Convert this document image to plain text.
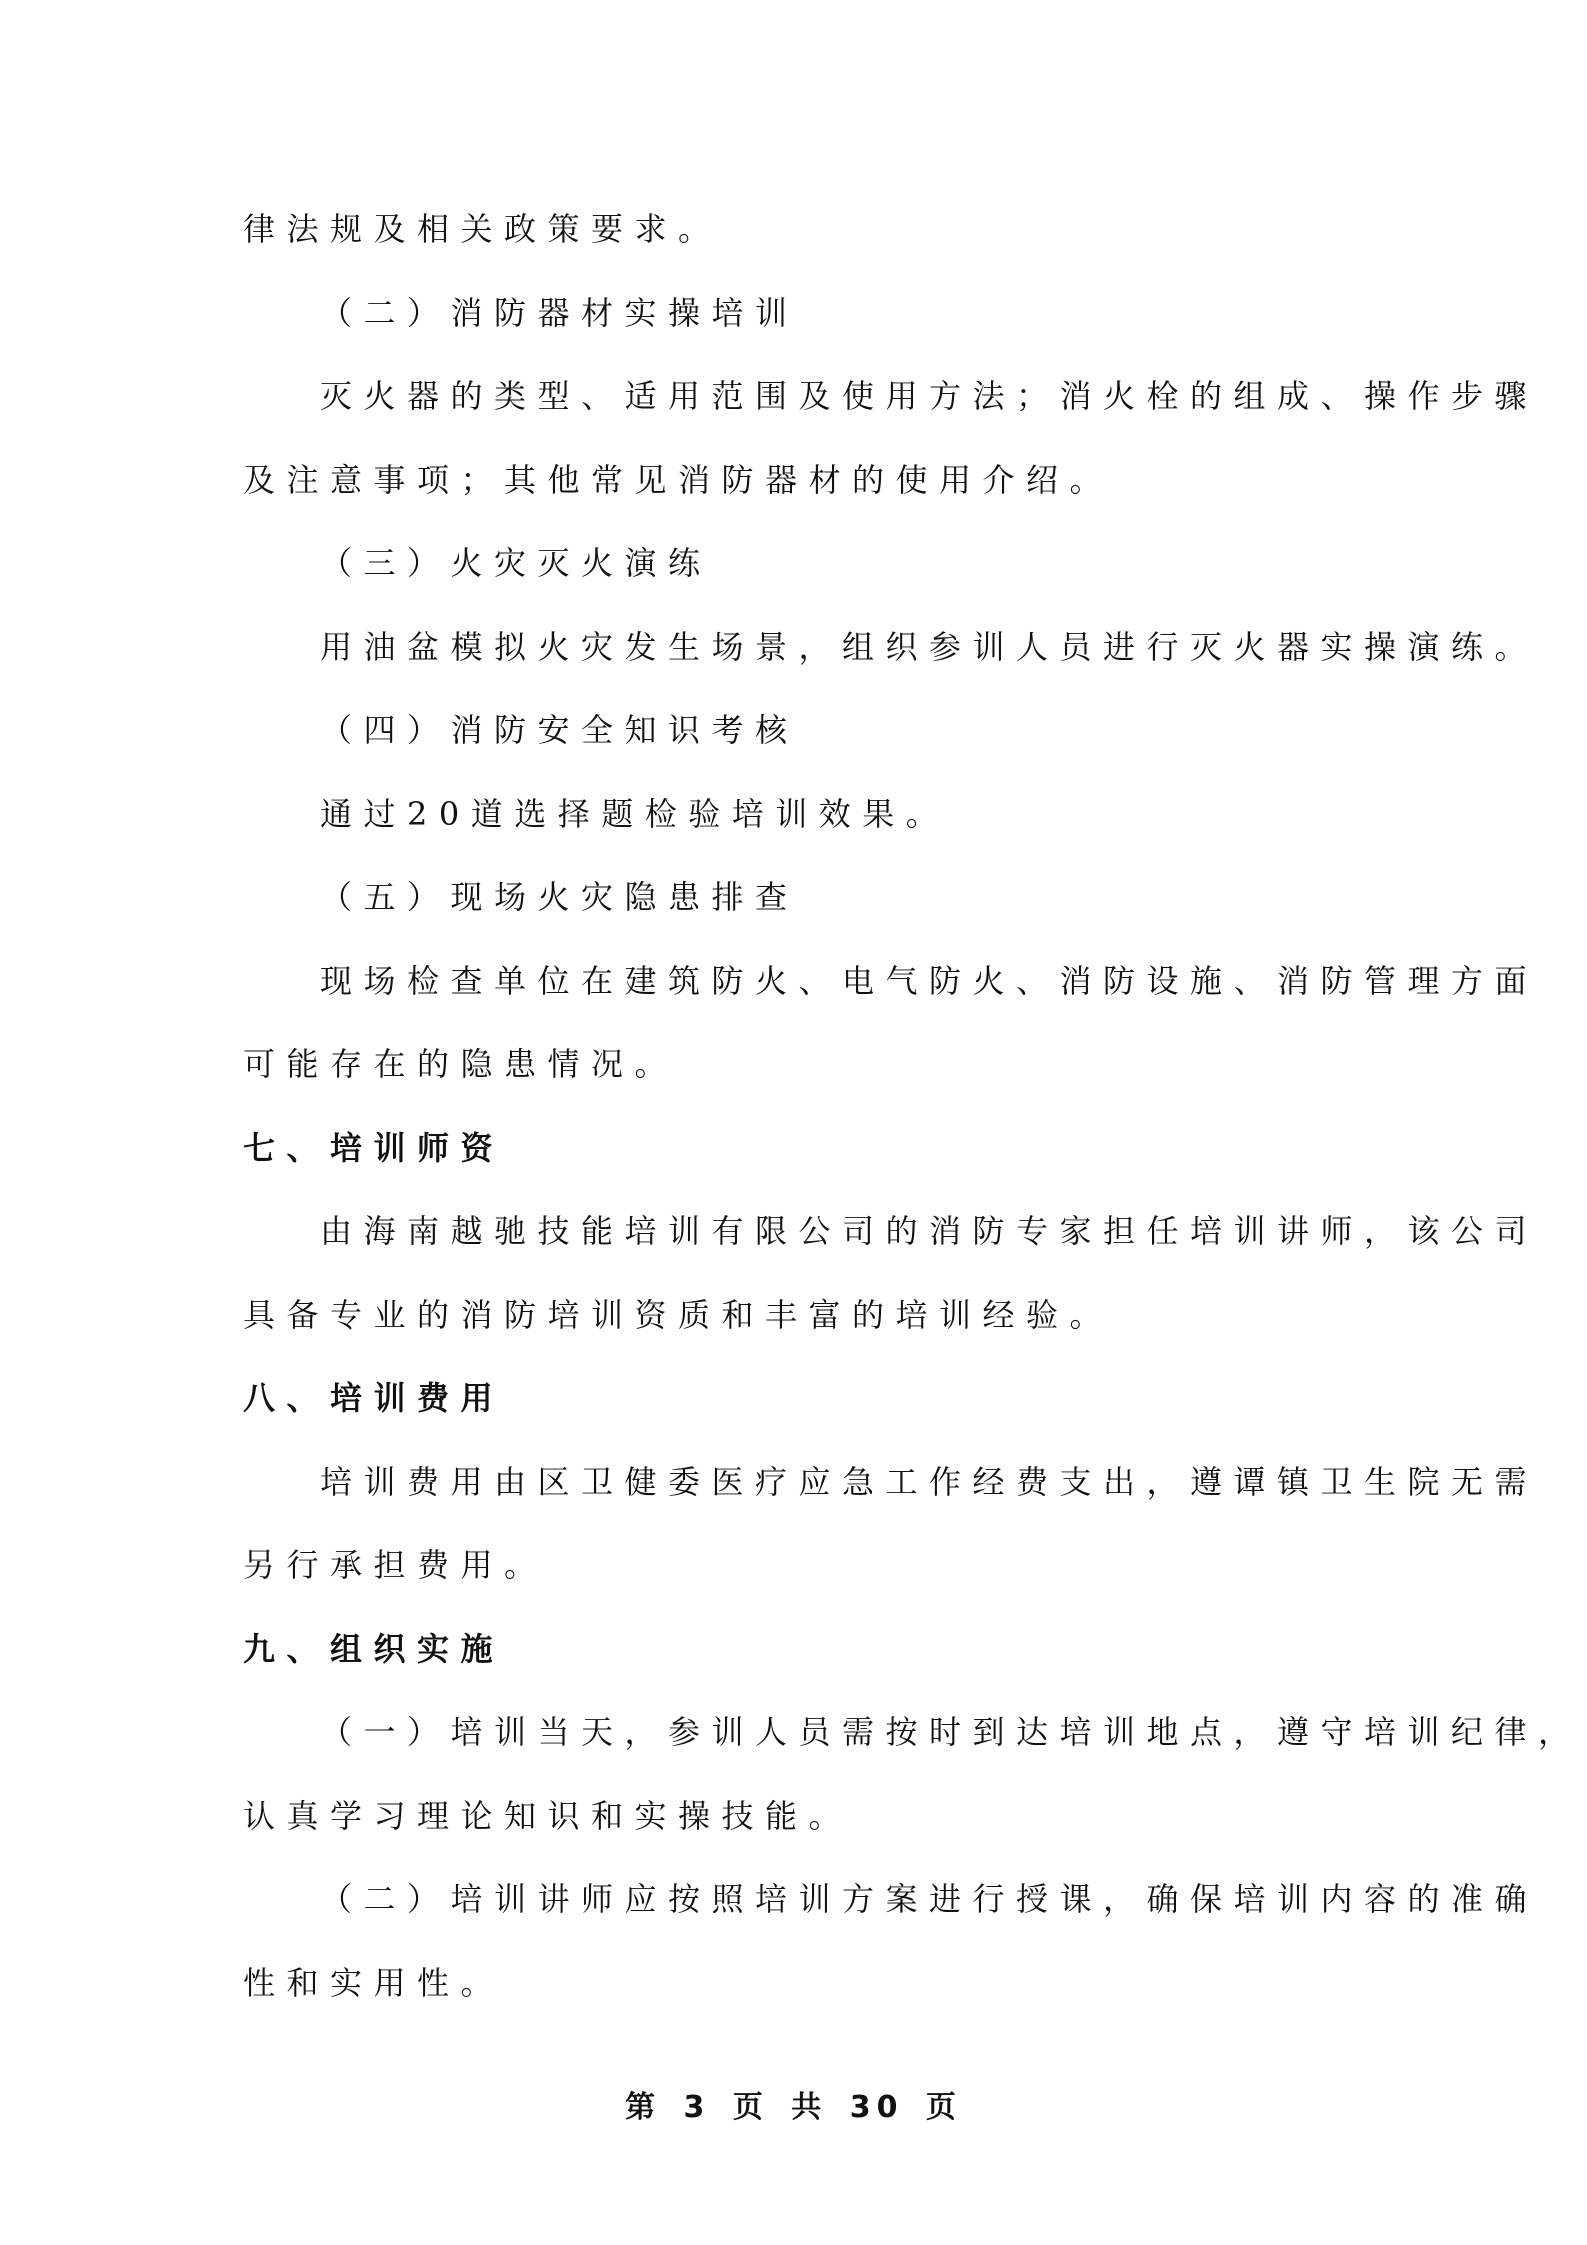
律法规及相关政策要求。
（二）消防器材实操培训
灭火器的类型、适用范围及使用方法；消火栓的组成、操作步骤
及注意事项；其他常见消防器材的使用介绍。
（三）火灾灭火演练
用油盆模拟火灾发生场景，组织参训人员进行灭火器实操演练。
（四）消防安全知识考核
通过20道选择题检验培训效果。
（五）现场火灾隐患排查
现场检查单位在建筑防火、电气防火、消防设施、消防管理方面
可能存在的隐患情况。
七、培训师资
由海南越驰技能培训有限公司的消防专家担任培训讲师，该公司
具备专业的消防培训资质和丰富的培训经验。
八、培训费用
培训费用由区卫健委医疗应急工作经费支出，遵谭镇卫生院无需
另行承担费用。
九、组织实施
（一）培训当天，参训人员需按时到达培训地点，遵守培训纪律，
认真学习理论知识和实操技能。
（二）培训讲师应按照培训方案进行授课，确保培训内容的准确
性和实用性。
第 3 页 共 30 页
